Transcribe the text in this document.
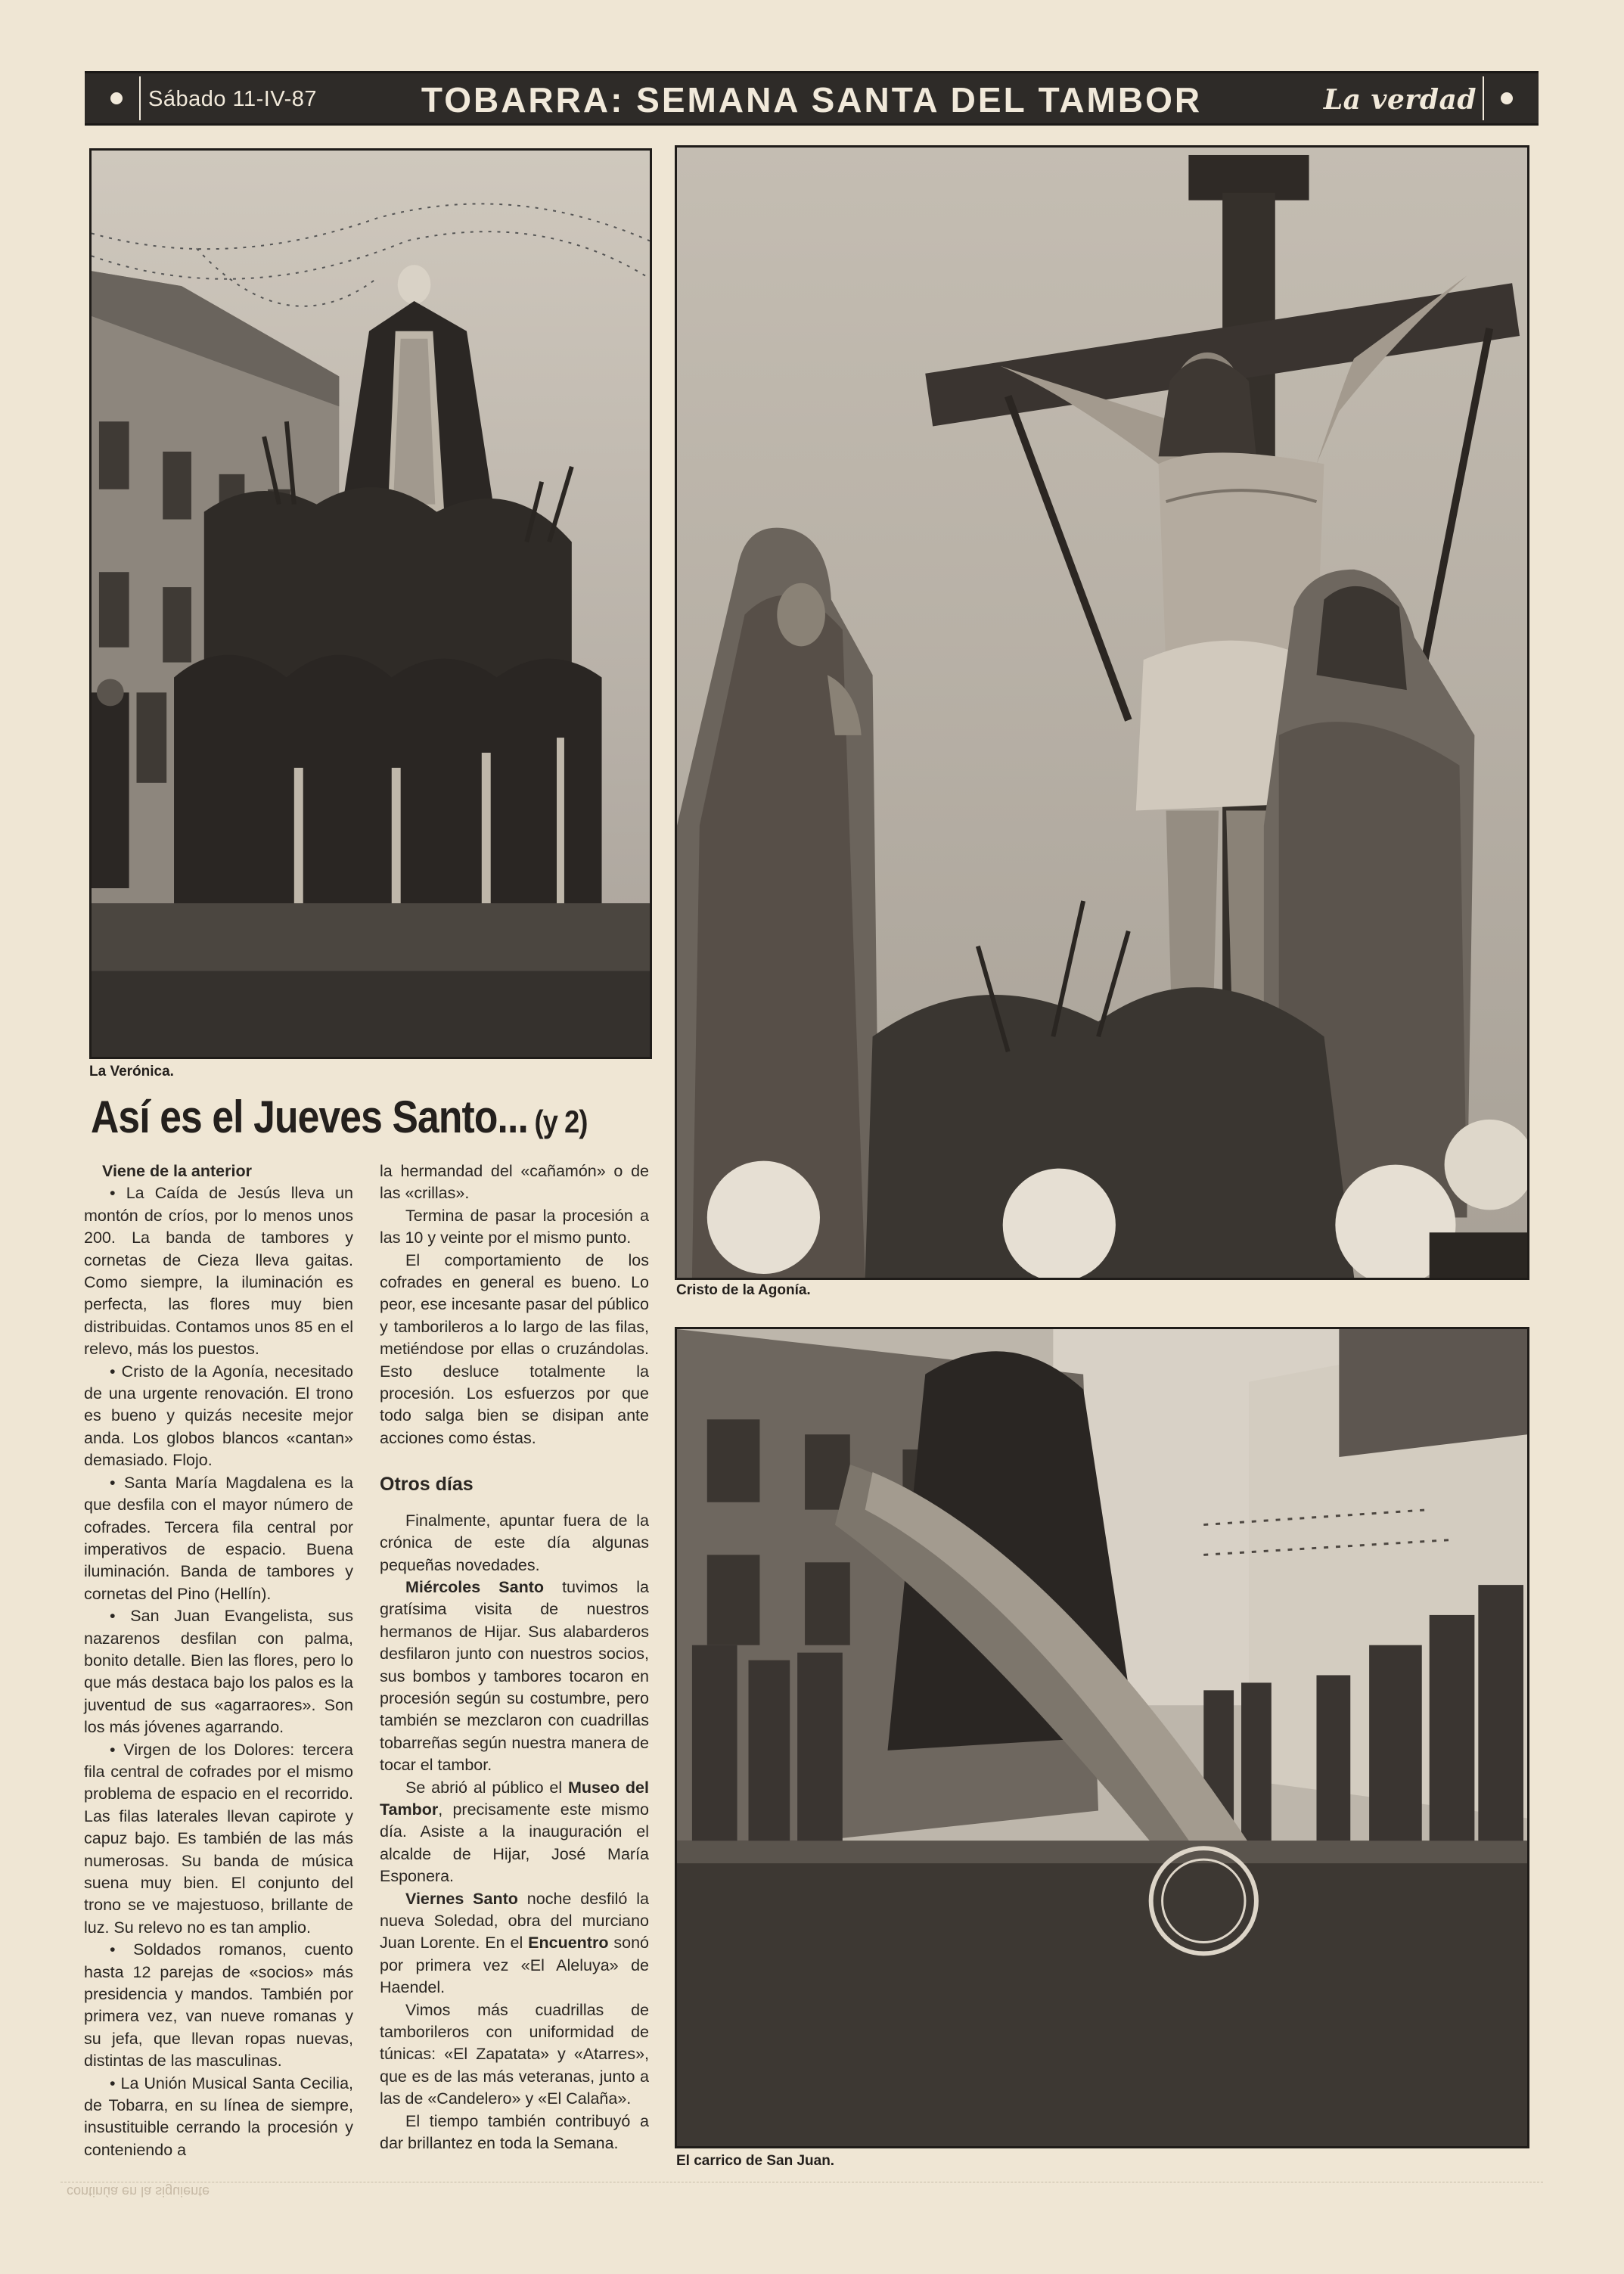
Sábado 11-IV-87	TOBARRA: SEMANA SANTA DEL TAMBOR	La verdad
La Verónica.
Cristo de la Agonía.
El carrico de San Juan.
Así es el Jueves Santo... (y 2)

Viene de la anterior

• La Caída de Jesús lleva un montón de críos, por lo menos unos 200. La banda de tambores y cornetas de Cieza lleva gaitas. Como siempre, la iluminación es perfecta, las flores muy bien distribuidas. Contamos unos 85 en el relevo, más los puestos.

• Cristo de la Agonía, necesitado de una urgente renovación. El trono es bueno y quizás necesite mejor anda. Los globos blancos «cantan» demasiado. Flojo.

• Santa María Magdalena es la que desfila con el mayor número de cofrades. Tercera fila central por imperativos de espacio. Buena iluminación. Banda de tambores y cornetas del Pino (Hellín).

• San Juan Evangelista, sus nazarenos desfilan con palma, bonito detalle. Bien las flores, pero lo que más destaca bajo los palos es la juventud de sus «agarraores». Son los más jóvenes agarrando.

• Virgen de los Dolores: tercera fila central de cofrades por el mismo problema de espacio en el recorrido. Las filas laterales llevan capirote y capuz bajo. Es también de las más numerosas. Su banda de música suena muy bien. El conjunto del trono se ve majestuoso, brillante de luz. Su relevo no es tan amplio.

• Soldados romanos, cuento hasta 12 parejas de «socios» más presidencia y mandos. También por primera vez, van nueve romanas y su jefa, que llevan ropas nuevas, distintas de las masculinas.

• La Unión Musical Santa Cecilia, de Tobarra, en su línea de siempre, insustituible cerrando la procesión y conteniendo a

la hermandad del «cañamón» o de las «crillas».

Termina de pasar la procesión a las 10 y veinte por el mismo punto.

El comportamiento de los cofrades en general es bueno. Lo peor, ese incesante pasar del público y tamborileros a lo largo de las filas, metiéndose por ellas o cruzándolas. Esto desluce totalmente la procesión. Los esfuerzos por que todo salga bien se disipan ante acciones como éstas.

Otros días

Finalmente, apuntar fuera de la crónica de este día algunas pequeñas novedades.

Miércoles Santo tuvimos la gratísima visita de nuestros hermanos de Hijar. Sus alabarderos desfilaron junto con nuestros socios, sus bombos y tambores tocaron en procesión según su costumbre, pero también se mezclaron con cuadrillas tobarreñas según nuestra manera de tocar el tambor.

Se abrió al público el Museo del Tambor, precisamente este mismo día. Asiste a la inauguración el alcalde de Hijar, José María Esponera.

Viernes Santo noche desfiló la nueva Soledad, obra del murciano Juan Lorente. En el Encuentro sonó por primera vez «El Aleluya» de Haendel.

Vimos más cuadrillas de tamborileros con uniformidad de túnicas: «El Zapatata» y «Atarres», que es de las más veteranas, junto a las de «Candelero» y «El Calaña».

El tiempo también contribuyó a dar brillantez en toda la Semana.

continúa en la siguiente
